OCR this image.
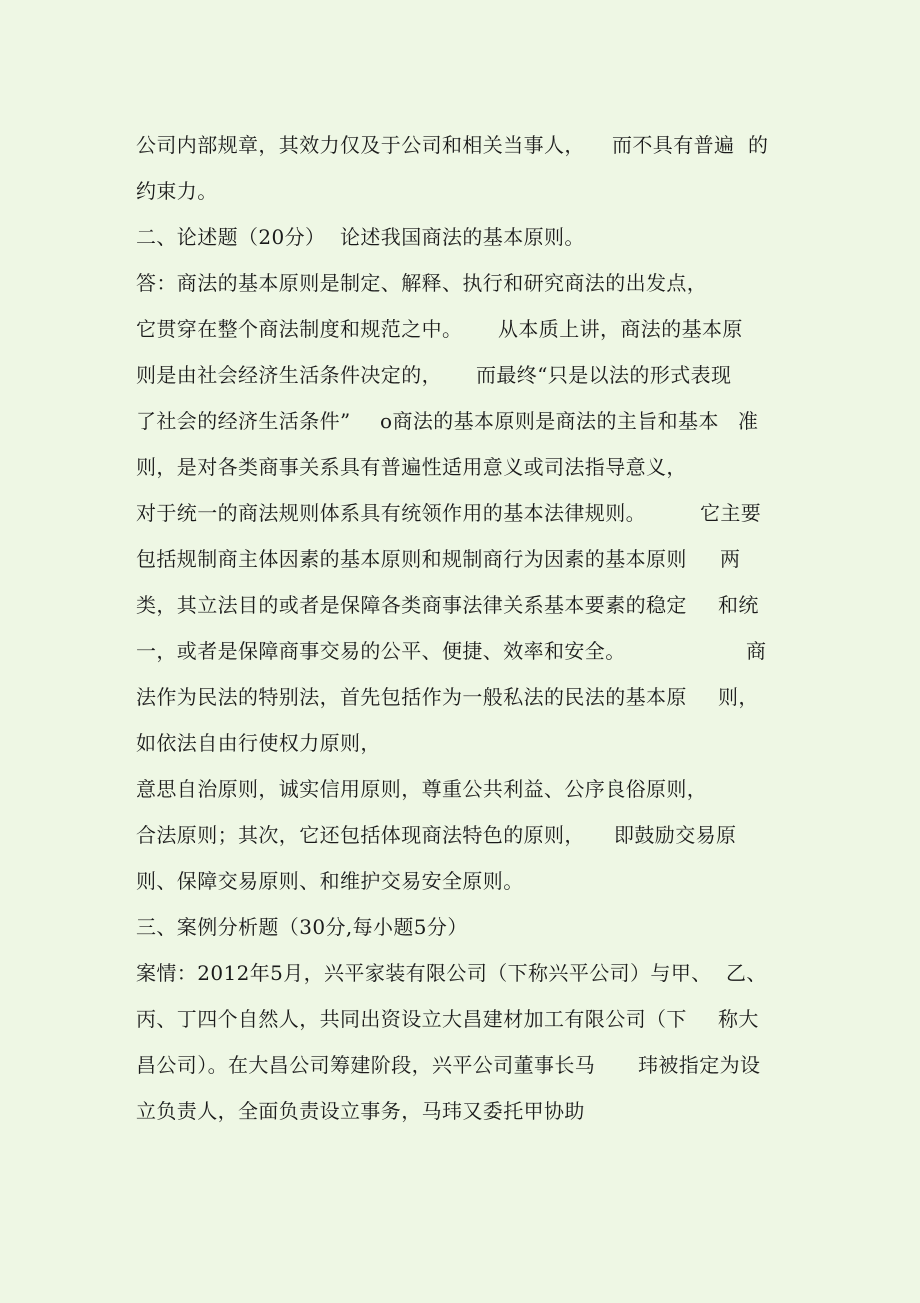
公司内部规章，其效力仅及于公司和相关当事人， 而不具有普遍 的
约束力。
二、论述题（20分） 论述我国商法的基本原则。
答：商法的基本原则是制定、解释、执行和研究商法的出发点，
它贯穿在整个商法制度和规范之中。 从本质上讲，商法的基本原
则是由社会经济生活条件决定的， 而最终“只是以法的形式表现
了社会的经济生活条件” o商法的基本原则是商法的主旨和基本 准
则，是对各类商事关系具有普遍性适用意义或司法指导意义，
对于统一的商法规则体系具有统领作用的基本法律规则。	它主要
包括规制商主体因素的基本原则和规制商行为因素的基本原则 两
类，其立法目的或者是保障各类商事法律关系基本要素的稳定 和统
一，或者是保障商事交易的公平、便捷、效率和安全。	商
法作为民法的特别法，首先包括作为一般私法的民法的基本原 则，
如依法自由行使权力原则，
意思自治原则，诚实信用原则，尊重公共利益、公序良俗原则，
合法原则；其次，它还包括体现商法特色的原则， 即鼓励交易原
则、保障交易原则、和维护交易安全原则。
三、案例分析题（30分,每小题5分）
案情：2012年5月，兴平家装有限公司（下称兴平公司）与甲、 乙、
丙、丁四个自然人，共同出资设立大昌建材加工有限公司（下 称大
昌公司）。在大昌公司筹建阶段，兴平公司董事长马 玮被指定为设
立负责人，全面负责设立事务，马玮又委托甲协助
